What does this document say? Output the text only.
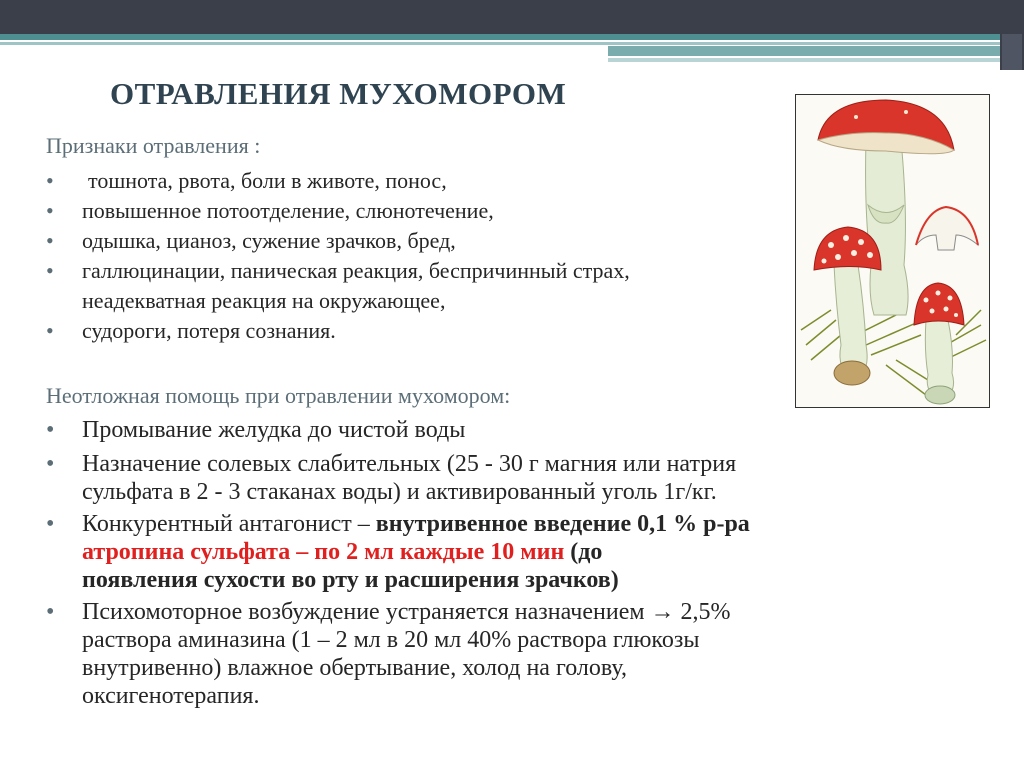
ОТРАВЛЕНИЯ МУХОМОРОМ

Признаки отравления :

• тошнота, рвота, боли в животе, понос,
• повышенное потоотделение, слюнотечение,
• одышка, цианоз, сужение зрачков, бред,
• галлюцинации, паническая реакция, беспричинный страх,
неадекватная реакция на окружающее,
• судороги, потеря сознания.

Неотложная помощь при отравлении мухомором:

• Промывание желудка до чистой воды
• Назначение солевых слабительных (25 - 30 г магния или натрия
сульфата в 2 - 3 стаканах воды) и активированный уголь 1г/кг.
• Конкурентный антагонист – внутривенное введение 0,1 % р-ра
атропина сульфата – по 2 мл каждые 10 мин (до
появления сухости во рту и расширения зрачков)
• Психомоторное возбуждение устраняется назначением → 2,5%
раствора аминазина (1 – 2 мл в 20 мл 40% раствора глюкозы
внутривенно) влажное обертывание, холод на голову,
оксигенотерапия.
